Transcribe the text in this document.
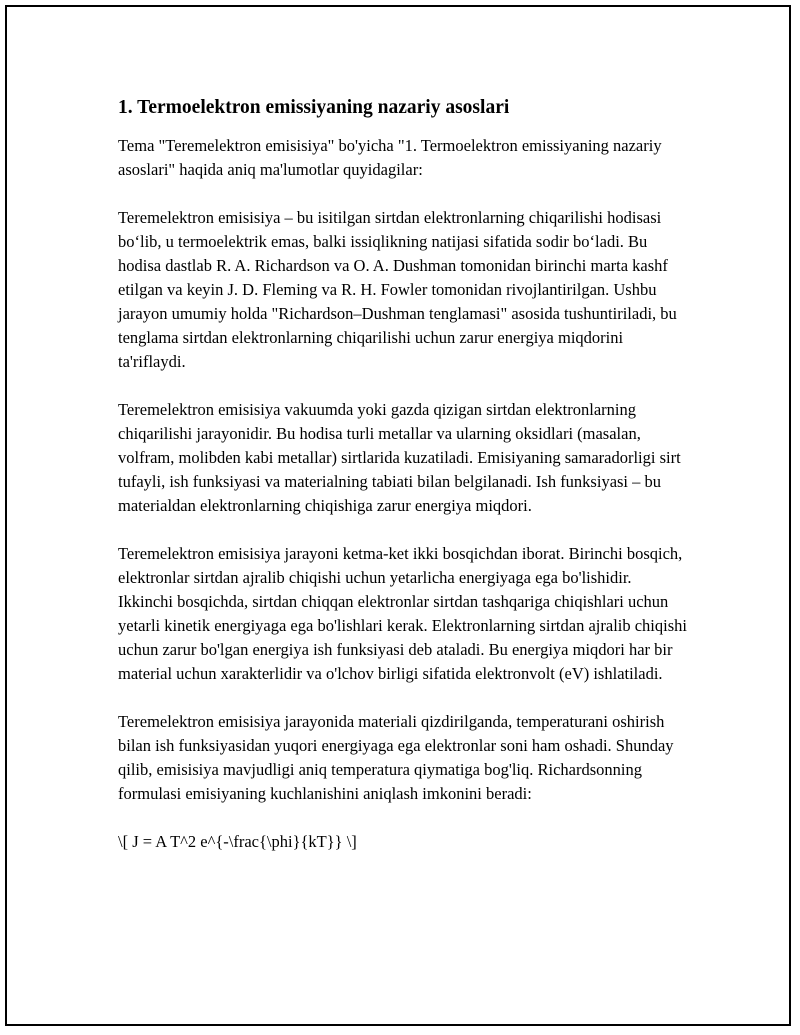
1. Termoelektron emissiyaning nazariy asoslari

Tema "Teremelektron emisisiya" bo'yicha "1. Termoelektron emissiyaning nazariy asoslari" haqida aniq ma'lumotlar quyidagilar:

Teremelektron emisisiya – bu isitilgan sirtdan elektronlarning chiqarilishi hodisasi boʻlib, u termoelektrik emas, balki issiqlikning natijasi sifatida sodir boʻladi. Bu hodisa dastlab R. A. Richardson va O. A. Dushman tomonidan birinchi marta kashf etilgan va keyin J. D. Fleming va R. H. Fowler tomonidan rivojlantirilgan. Ushbu jarayon umumiy holda "Richardson–Dushman tenglamasi" asosida tushuntiriladi, bu tenglama sirtdan elektronlarning chiqarilishi uchun zarur energiya miqdorini ta'riflaydi.

Teremelektron emisisiya vakuumda yoki gazda qizigan sirtdan elektronlarning chiqarilishi jarayonidir. Bu hodisa turli metallar va ularning oksidlari (masalan, volfram, molibden kabi metallar) sirtlarida kuzatiladi. Emisiyaning samaradorligi sirt tufayli, ish funksiyasi va materialning tabiati bilan belgilanadi. Ish funksiyasi – bu materialdan elektronlarning chiqishiga zarur energiya miqdori.

Teremelektron emisisiya jarayoni ketma-ket ikki bosqichdan iborat. Birinchi bosqich, elektronlar sirtdan ajralib chiqishi uchun yetarlicha energiyaga ega bo'lishidir. Ikkinchi bosqichda, sirtdan chiqqan elektronlar sirtdan tashqariga chiqishlari uchun yetarli kinetik energiyaga ega bo'lishlari kerak. Elektronlarning sirtdan ajralib chiqishi uchun zarur bo'lgan energiya ish funksiyasi deb ataladi. Bu energiya miqdori har bir material uchun xarakterlidir va o'lchov birligi sifatida elektronvolt (eV) ishlatiladi.

Teremelektron emisisiya jarayonida materiali qizdirilganda, temperaturani oshirish bilan ish funksiyasidan yuqori energiyaga ega elektronlar soni ham oshadi. Shunday qilib, emisisiya mavjudligi aniq temperatura qiymatiga bog'liq. Richardsonning formulasi emisiyaning kuchlanishini aniqlash imkonini beradi:

\[ J = A T^2 e^{-\frac{\phi}{kT}} \]
